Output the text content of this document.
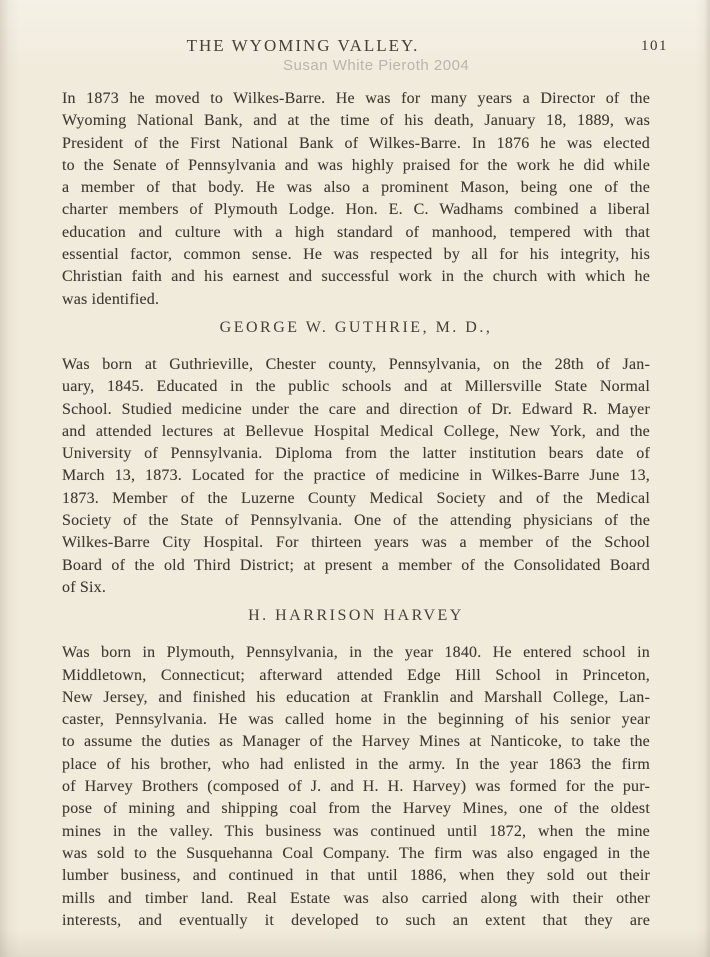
THE WYOMING VALLEY.	101
Susan White Pieroth 2004
In 1873 he moved to Wilkes-Barre. He was for many years a Director of the
Wyoming National Bank, and at the time of his death, January 18, 1889, was
President of the First National Bank of Wilkes-Barre. In 1876 he was elected
to the Senate of Pennsylvania and was highly praised for the work he did while
a member of that body. He was also a prominent Mason, being one of the
charter members of Plymouth Lodge. Hon. E. C. Wadhams combined a liberal
education and culture with a high standard of manhood, tempered with that
essential factor, common sense. He was respected by all for his integrity, his
Christian faith and his earnest and successful work in the church with which he
was identified.
GEORGE W. GUTHRIE, M. D.,
Was born at Guthrieville, Chester county, Pennsylvania, on the 28th of Jan-
uary, 1845. Educated in the public schools and at Millersville State Normal
School. Studied medicine under the care and direction of Dr. Edward R. Mayer
and attended lectures at Bellevue Hospital Medical College, New York, and the
University of Pennsylvania. Diploma from the latter institution bears date of
March 13, 1873. Located for the practice of medicine in Wilkes-Barre June 13,
1873. Member of the Luzerne County Medical Society and of the Medical
Society of the State of Pennsylvania. One of the attending physicians of the
Wilkes-Barre City Hospital. For thirteen years was a member of the School
Board of the old Third District; at present a member of the Consolidated Board
of Six.
H. HARRISON HARVEY
Was born in Plymouth, Pennsylvania, in the year 1840. He entered school in
Middletown, Connecticut; afterward attended Edge Hill School in Princeton,
New Jersey, and finished his education at Franklin and Marshall College, Lan-
caster, Pennsylvania. He was called home in the beginning of his senior year
to assume the duties as Manager of the Harvey Mines at Nanticoke, to take the
place of his brother, who had enlisted in the army. In the year 1863 the firm
of Harvey Brothers (composed of J. and H. H. Harvey) was formed for the pur-
pose of mining and shipping coal from the Harvey Mines, one of the oldest
mines in the valley. This business was continued until 1872, when the mine
was sold to the Susquehanna Coal Company. The firm was also engaged in the
lumber business, and continued in that until 1886, when they sold out their
mills and timber land. Real Estate was also carried along with their other
interests, and eventually it developed to such an extent that they are
